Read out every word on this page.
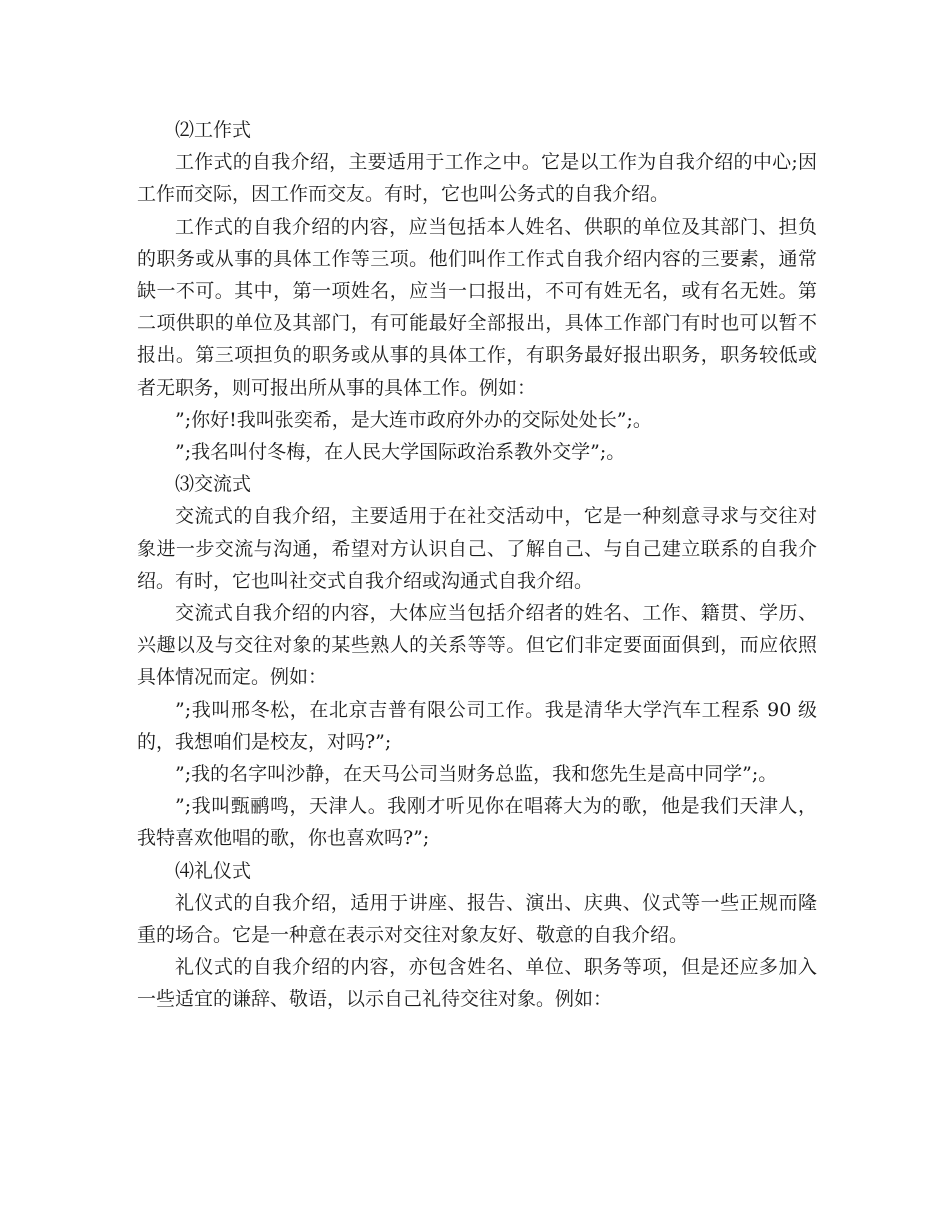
⑵工作式

工作式的自我介绍，主要适用于工作之中。它是以工作为自我介绍的中心;因工作而交际，因工作而交友。有时，它也叫公务式的自我介绍。

工作式的自我介绍的内容，应当包括本人姓名、供职的单位及其部门、担负的职务或从事的具体工作等三项。他们叫作工作式自我介绍内容的三要素，通常缺一不可。其中，第一项姓名，应当一口报出，不可有姓无名，或有名无姓。第二项供职的单位及其部门，有可能最好全部报出，具体工作部门有时也可以暂不报出。第三项担负的职务或从事的具体工作，有职务最好报出职务，职务较低或者无职务，则可报出所从事的具体工作。例如：

”;你好!我叫张奕希，是大连市政府外办的交际处处长”;。

”;我名叫付冬梅，在人民大学国际政治系教外交学”;。

⑶交流式

交流式的自我介绍，主要适用于在社交活动中，它是一种刻意寻求与交往对象进一步交流与沟通，希望对方认识自己、了解自己、与自己建立联系的自我介绍。有时，它也叫社交式自我介绍或沟通式自我介绍。

交流式自我介绍的内容，大体应当包括介绍者的姓名、工作、籍贯、学历、兴趣以及与交往对象的某些熟人的关系等等。但它们非定要面面俱到，而应依照具体情况而定。例如：

”;我叫邢冬松，在北京吉普有限公司工作。我是清华大学汽车工程系 90 级的，我想咱们是校友，对吗?”;

”;我的名字叫沙静，在天马公司当财务总监，我和您先生是高中同学”;。

”;我叫甄鹂鸣，天津人。我刚才听见你在唱蒋大为的歌，他是我们天津人，我特喜欢他唱的歌，你也喜欢吗?”;

⑷礼仪式

礼仪式的自我介绍，适用于讲座、报告、演出、庆典、仪式等一些正规而隆重的场合。它是一种意在表示对交往对象友好、敬意的自我介绍。

礼仪式的自我介绍的内容，亦包含姓名、单位、职务等项，但是还应多加入一些适宜的谦辞、敬语，以示自己礼待交往对象。例如：
